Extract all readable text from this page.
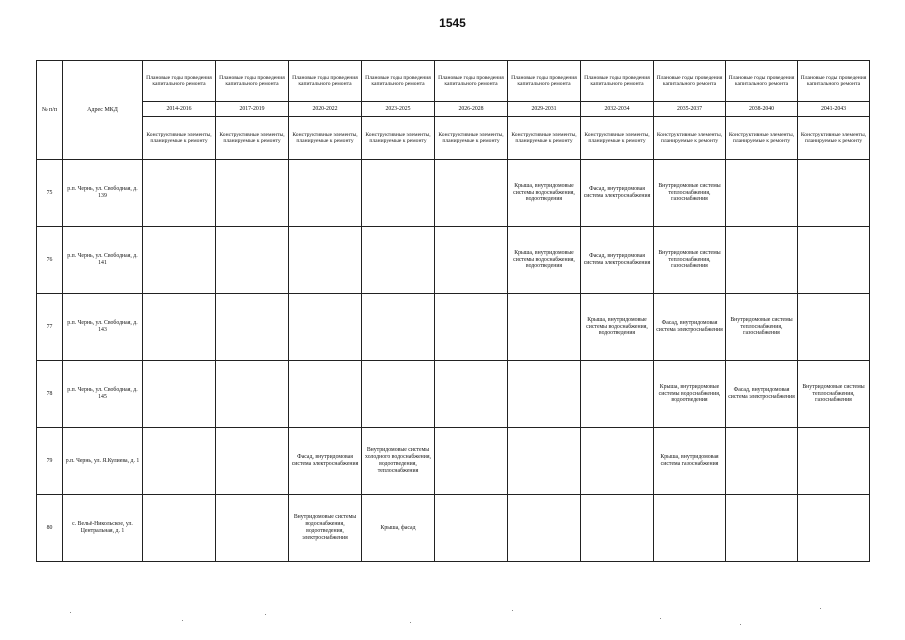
1545
№ п/п	Адрес МКД	Плановые годы проведения капитального ремонта	Плановые годы проведения капитального ремонта	Плановые годы проведения капитального ремонта	Плановые годы проведения капитального ремонта	Плановые годы проведения капитального ремонта	Плановые годы проведения капитального ремонта	Плановые годы проведения капитального ремонта	Плановые годы проведения капитального ремонта	Плановые годы проведения капитального ремонта	Плановые годы проведения капитального ремонта
		2014-2016	2017-2019	2020-2022	2023-2025	2026-2028	2029-2031	2032-2034	2035-2037	2038-2040	2041-2043
		Конструктивные элементы, планируемые к ремонту	Конструктивные элементы, планируемые к ремонту	Конструктивные элементы, планируемые к ремонту	Конструктивные элементы, планируемые к ремонту	Конструктивные элементы, планируемые к ремонту	Конструктивные элементы, планируемые к ремонту	Конструктивные элементы, планируемые к ремонту	Конструктивные элементы, планируемые к ремонту	Конструктивные элементы, планируемые к ремонту	Конструктивные элементы, планируемые к ремонту
75	р.п. Чернь, ул. Свободная, д. 139						Крыша, внутридомовые системы водоснабжения, водоотведения	Фасад, внутридомовая система электроснабжения	Внутридомовые системы теплоснабжения, газоснабжения		
76	р.п. Чернь, ул. Свободная, д. 141						Крыша, внутридомовые системы водоснабжения, водоотведения	Фасад, внутридомовая система электроснабжения	Внутридомовые системы теплоснабжения, газоснабжения		
77	р.п. Чернь, ул. Свободная, д. 143							Крыша, внутридомовые системы водоснабжения, водоотведения	Фасад, внутридомовая система электроснабжения	Внутридомовые системы теплоснабжения, газоснабжения	
78	р.п. Чернь, ул. Свободная, д. 145								Крыша, внутридомовые системы водоснабжения, водоотведения	Фасад, внутридомовая система электроснабжения	Внутридомовые системы теплоснабжения, газоснабжения
79	р.п. Чернь, ул. Я.Кулиева, д. 1			Фасад, внутридомовая система электроснабжения	Внутридомовые системы холодного водоснабжения, водоотведения, теплоснабжения				Крыша, внутридомовая система газоснабжения		
80	с. Вельё-Никольское, ул. Центральная, д. 1			Внутридомовые системы водоснабжения, водоотведения, электроснабжения	Крыша, фасад						
